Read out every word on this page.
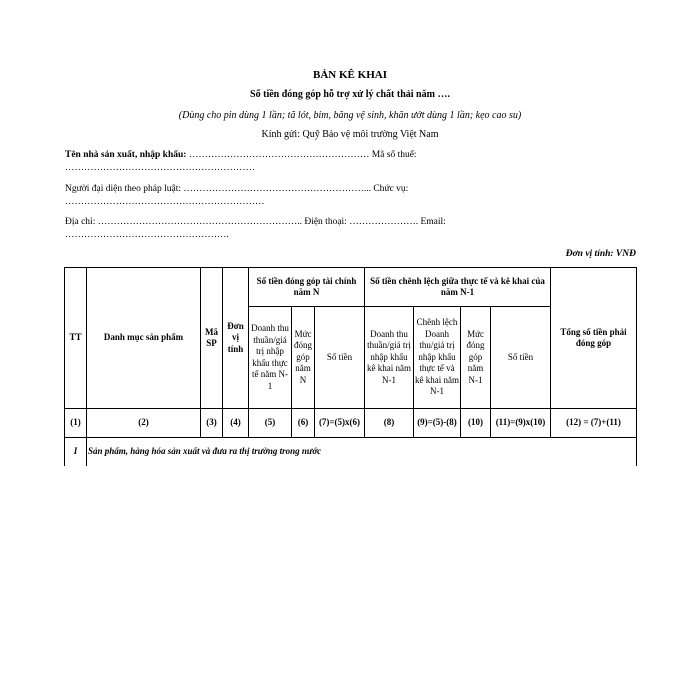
BẢN KÊ KHAI
Số tiền đóng góp hỗ trợ xử lý chất thải năm ….
(Dùng cho pin dùng 1 lần; tã lót, bỉm, băng vệ sinh, khăn ướt dùng 1 lần; kẹo cao su)
Kính gửi: Quỹ Bảo vệ môi trường Việt Nam
Tên nhà sản xuất, nhập khẩu: ………………………………………………… Mã số thuế:
……………………………………………………
Người đại diện theo pháp luật: …………………………………………………... Chức vụ:
………………………………………………………
Địa chỉ: ……………………………………………………….. Điện thoại: …………………. Email:
…………………………………………….
Đơn vị tính: VNĐ
TT	Danh mục sản phẩm	Mã SP	Đơn vị tính	Số tiền đóng góp tài chính năm N			Số tiền chênh lệch giữa thực tế và kê khai của năm N-1				Tổng số tiền phải đóng góp
				Doanh thu thuần/giá trị nhập khẩu thực tế năm N-1	Mức đóng góp năm N	Số tiền	Doanh thu thuần/giá trị nhập khẩu kê khai năm N-1	Chênh lệch Doanh thu/giá trị nhập khẩu thực tế và kê khai năm N-1	Mức đóng góp năm N-1	Số tiền	
(1)	(2)	(3)	(4)	(5)	(6)	(7)=(5)x(6)	(8)	(9)=(5)-(8)	(10)	(11)=(9)x(10)	(12) = (7)+(11)
I	Sản phẩm, hàng hóa sản xuất và đưa ra thị trường trong nước										
